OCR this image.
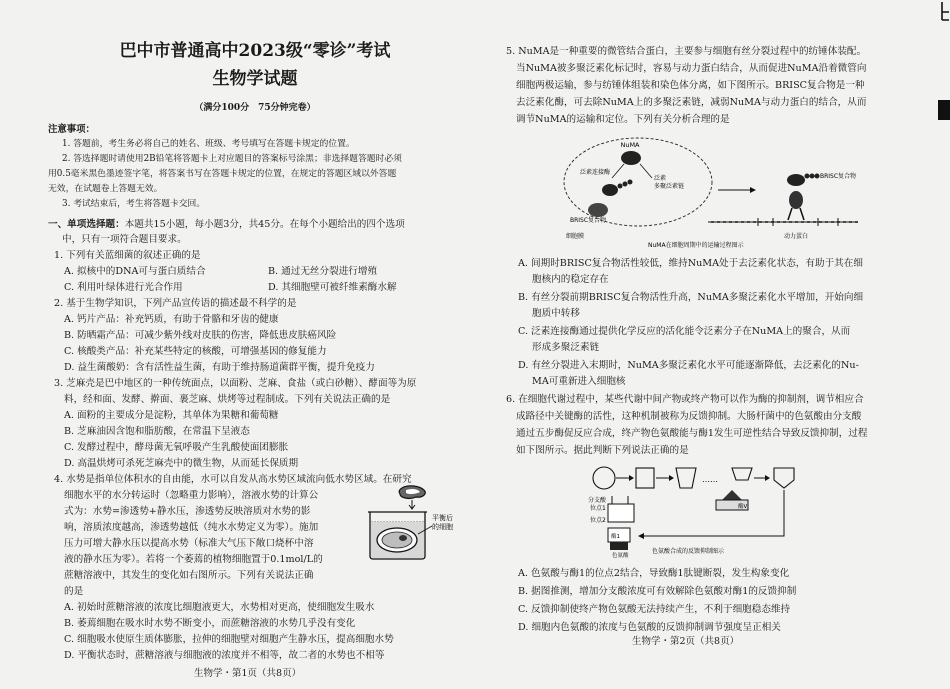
巴中市普通高中2023级“零诊”考试
生物学试题
（满分100分　75分钟完卷）
注意事项：
1. 答题前，考生务必将自己的姓名、班级、考号填写在答题卡规定的位置。
2. 答选择题时请使用2B铅笔将答题卡上对应题目的答案标号涂黑；非选择题答题时必须
用0.5毫米黑色墨迹签字笔，将答案书写在答题卡规定的位置，在规定的答题区域以外答题
无效，在试题卷上答题无效。
3. 考试结束后，考生将答题卡交回。
一、单项选择题：本题共15小题，每小题3分，共45分。在每个小题给出的四个选项
中，只有一项符合题目要求。
1. 下列有关蓝细菌的叙述正确的是
A. 拟核中的DNA可与蛋白质结合	B. 通过无丝分裂进行增殖
C. 利用叶绿体进行光合作用	D. 其细胞壁可被纤维素酶水解
2. 基于生物学知识，下列产品宣传语的描述最不科学的是
A. 钙片产品：补充钙质，有助于骨骼和牙齿的健康
B. 防晒霜产品：可减少紫外线对皮肤的伤害，降低患皮肤癌风险
C. 核酸类产品：补充某些特定的核酸，可增强基因的修复能力
D. 益生菌酸奶：含有活性益生菌，有助于维持肠道菌群平衡，提升免疫力
3. 芝麻壳是巴中地区的一种传统面点，以面粉、芝麻、食盐（或白砂糖）、酵面等为原
料，经和面、发酵、擀面、裹芝麻、烘烤等过程制成。下列有关说法正确的是
A. 面粉的主要成分是淀粉，其单体为果糖和葡萄糖
B. 芝麻油因含饱和脂肪酸，在常温下呈液态
C. 发酵过程中，酵母菌无氧呼吸产生乳酸使面团膨胀
D. 高温烘烤可杀死芝麻壳中的微生物，从而延长保质期
4. 水势是指单位体积水的自由能，水可以自发从高水势区域流向低水势区域。在研究
细胞水平的水分转运时（忽略重力影响），溶液水势的计算公
式为：水势=渗透势+静水压，渗透势反映溶质对水势的影
响，溶质浓度越高，渗透势越低（纯水水势定义为零）。施加
压力可增大静水压以提高水势（标准大气压下敞口烧杯中溶
液的静水压为零）。若将一个萎蔫的植物细胞置于0.1mol/L的
蔗糖溶液中，其发生的变化如右图所示。下列有关说法正确
的是
平衡后
的细胞
A. 初始时蔗糖溶液的浓度比细胞液更大，水势相对更高，使细胞发生吸水
B. 萎蔫细胞在吸水时水势不断变小，而蔗糖溶液的水势几乎没有变化
C. 细胞吸水使原生质体膨胀，拉伸的细胞壁对细胞产生静水压，提高细胞水势
D. 平衡状态时，蔗糖溶液与细胞液的浓度并不相等，故二者的水势也不相等
生物学・第1页（共8页）
5. NuMA是一种重要的微管结合蛋白，主要参与细胞有丝分裂过程中的纺锤体装配。
当NuMA被多聚泛素化标记时，容易与动力蛋白结合，从而促进NuMA沿着微管向
细胞两极运输，参与纺锤体组装和染色体分离，如下图所示。BRISC复合物是一种
去泛素化酶，可去除NuMA上的多聚泛素链，减弱NuMA与动力蛋白的结合，从而
调节NuMA的运输和定位。下列有关分析合理的是
NuMA
泛素连接酶
泛素
多聚泛素链
BRISC复合物
BRISC复合物
细胞膜	动力蛋白
NuMA在细胞周期中的运输过程图示
A. 间期时BRISC复合物活性较低，维持NuMA处于去泛素化状态，有助于其在细
胞核内的稳定存在
B. 有丝分裂前期BRISC复合物活性升高，NuMA多聚泛素化水平增加，开始向细
胞质中转移
C. 泛素连接酶通过提供化学反应的活化能令泛素分子在NuMA上的聚合，从而
形成多聚泛素链
D. 有丝分裂进入末期时，NuMA多聚泛素化水平可能逐渐降低，去泛素化的Nu-
MA可重新进入细胞核
6. 在细胞代谢过程中，某些代谢中间产物或终产物可以作为酶的抑制剂，调节相应合
成路径中关键酶的活性，这种机制被称为反馈抑制。大肠杆菌中的色氨酸由分支酸
通过五步酶促反应合成，终产物色氨酸能与酶1发生可逆性结合导致反馈抑制，过程
如下图所示。据此判断下列说法正确的是
分支酸
……
位点1
位点2
酶V
酶1
色氨酸
色氨酸合成的反馈抑制图示
A. 色氨酸与酶1的位点2结合，导致酶1肽键断裂，发生构象变化
B. 据图推测，增加分支酸浓度可有效解除色氨酸对酶1的反馈抑制
C. 反馈抑制使终产物色氨酸无法持续产生，不利于细胞稳态维持
D. 细胞内色氨酸的浓度与色氨酸的反馈抑制调节强度呈正相关
生物学・第2页（共8页）
